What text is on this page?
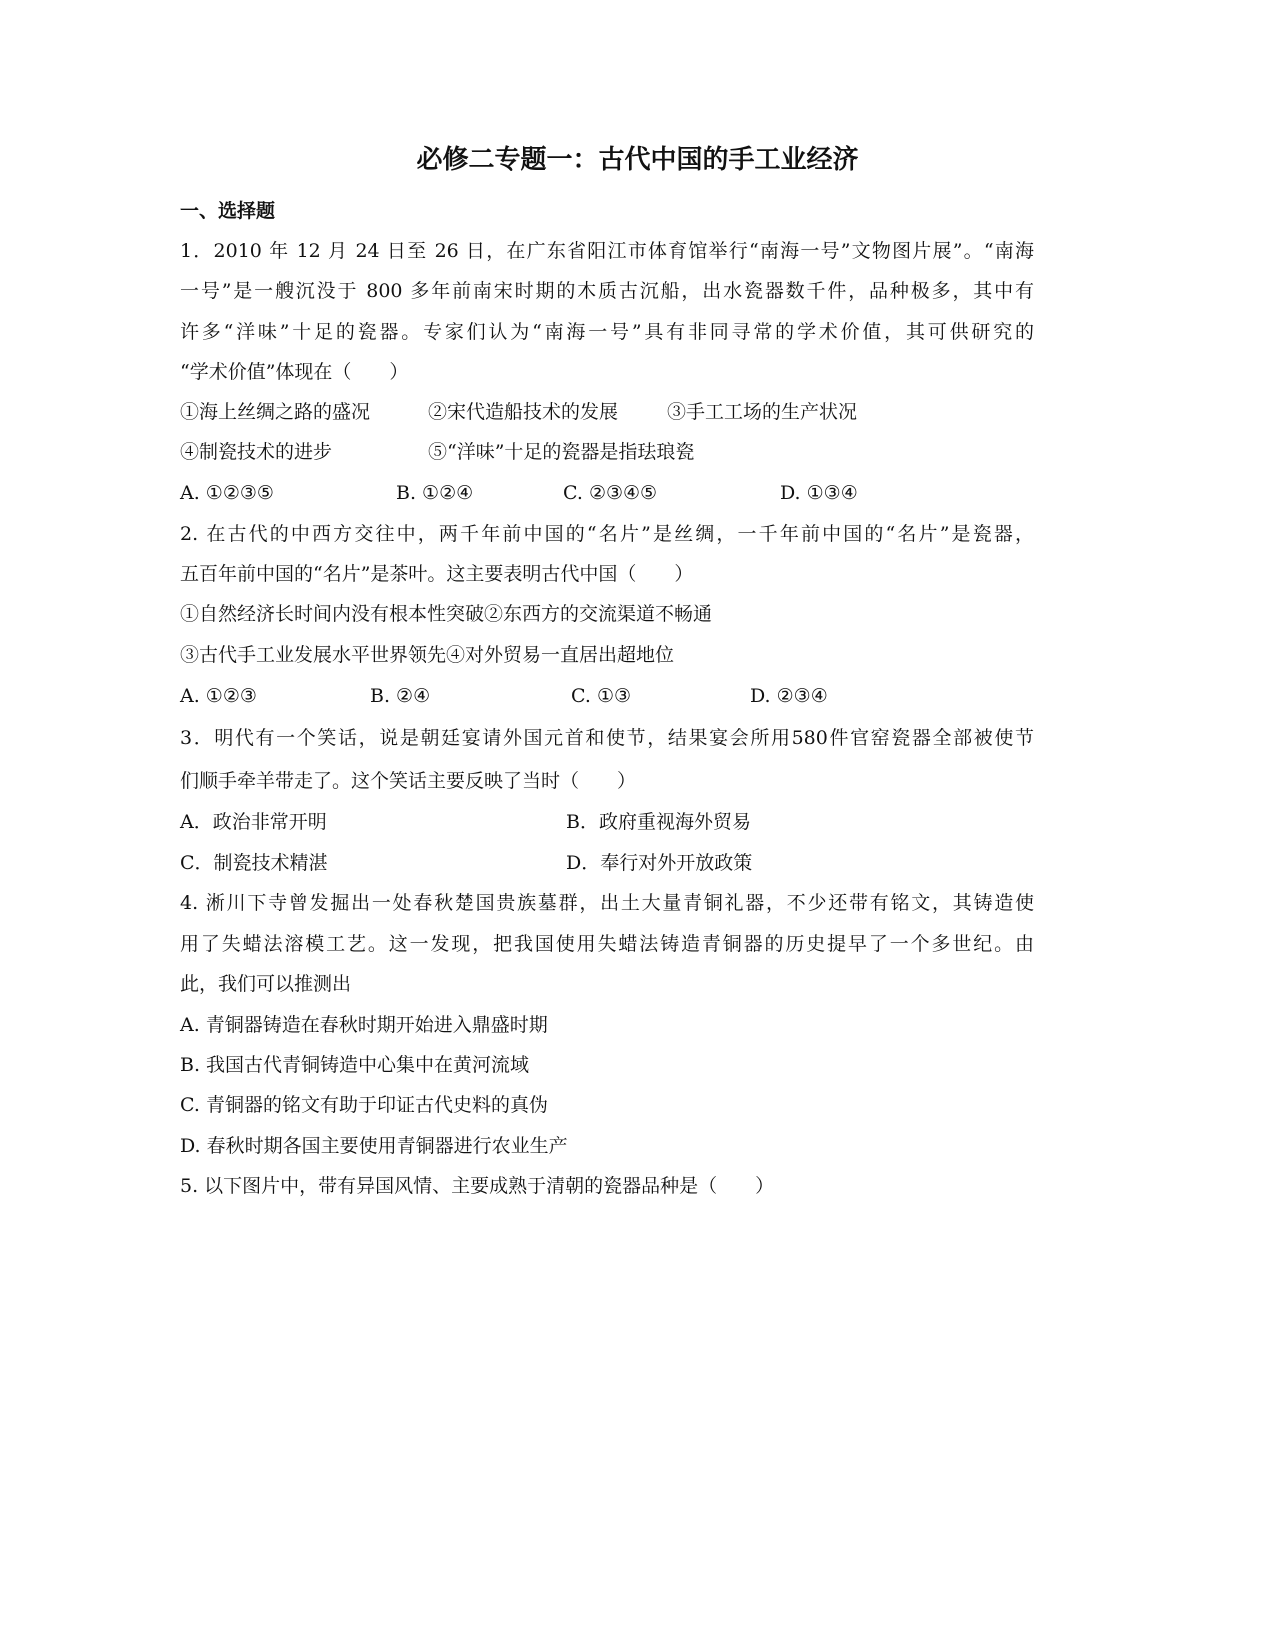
必修二专题一：古代中国的手工业经济
一、选择题
1．2010 年 12 月 24 日至 26 日，在广东省阳江市体育馆举行“南海一号”文物图片展”。“南海
一号”是一艘沉没于 800 多年前南宋时期的木质古沉船，出水瓷器数千件，品种极多，其中有
许多“洋味”十足的瓷器。专家们认为“南海一号”具有非同寻常的学术价值，其可供研究的
“学术价值”体现在（　　）
①海上丝绸之路的盛况	②宋代造船技术的发展	③手工工场的生产状况
④制瓷技术的进步	⑤“洋味”十足的瓷器是指珐琅瓷
A. ①②③⑤	B. ①②④	C. ②③④⑤	D. ①③④
2. 在古代的中西方交往中，两千年前中国的“名片”是丝绸，一千年前中国的“名片”是瓷器，
五百年前中国的“名片”是茶叶。这主要表明古代中国（　　）
①自然经济长时间内没有根本性突破②东西方的交流渠道不畅通
③古代手工业发展水平世界领先④对外贸易一直居出超地位
A. ①②③	B. ②④	C. ①③	D. ②③④
3．明代有一个笑话，说是朝廷宴请外国元首和使节，结果宴会所用580件官窑瓷器全部被使节
们顺手牵羊带走了。这个笑话主要反映了当时（　　）
A．政治非常开明	B．政府重视海外贸易
C．制瓷技术精湛	D．奉行对外开放政策
4. 淅川下寺曾发掘出一处春秋楚国贵族墓群，出土大量青铜礼器，不少还带有铭文，其铸造使
用了失蜡法溶模工艺。这一发现，把我国使用失蜡法铸造青铜器的历史提早了一个多世纪。由
此，我们可以推测出
A. 青铜器铸造在春秋时期开始进入鼎盛时期
B. 我国古代青铜铸造中心集中在黄河流域
C. 青铜器的铭文有助于印证古代史料的真伪
D. 春秋时期各国主要使用青铜器进行农业生产
5. 以下图片中，带有异国风情、主要成熟于清朝的瓷器品种是（　　）
